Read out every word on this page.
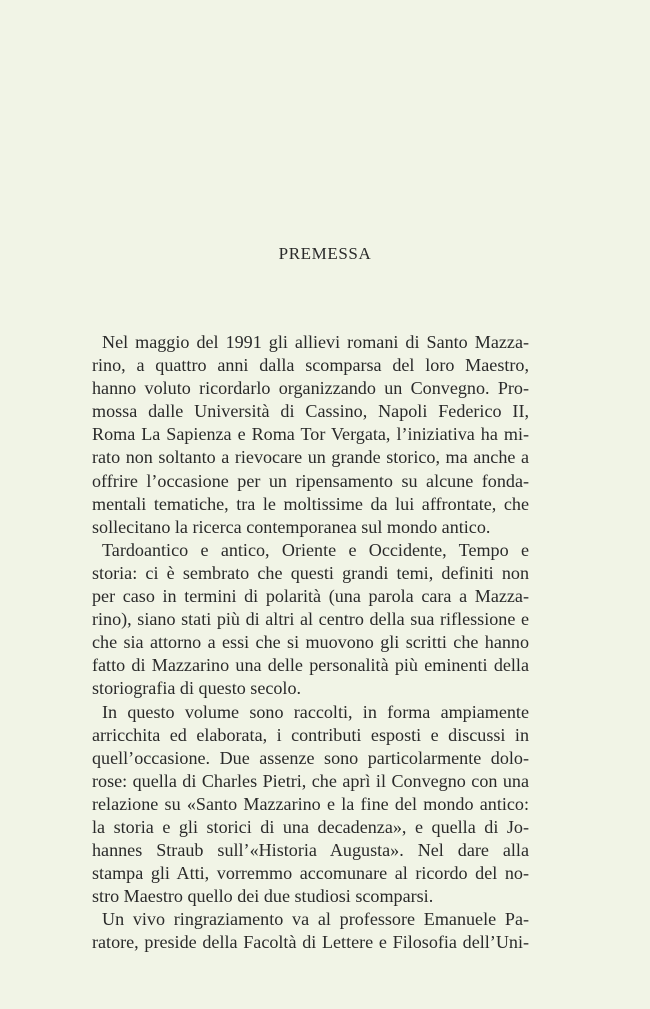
PREMESSA
Nel maggio del 1991 gli allievi romani di Santo Mazza-
rino, a quattro anni dalla scomparsa del loro Maestro,
hanno voluto ricordarlo organizzando un Convegno. Pro-
mossa dalle Università di Cassino, Napoli Federico II,
Roma La Sapienza e Roma Tor Vergata, l’iniziativa ha mi-
rato non soltanto a rievocare un grande storico, ma anche a
offrire l’occasione per un ripensamento su alcune fonda-
mentali tematiche, tra le moltissime da lui affrontate, che
sollecitano la ricerca contemporanea sul mondo antico.
Tardoantico e antico, Oriente e Occidente, Tempo e
storia: ci è sembrato che questi grandi temi, definiti non
per caso in termini di polarità (una parola cara a Mazza-
rino), siano stati più di altri al centro della sua riflessione e
che sia attorno a essi che si muovono gli scritti che hanno
fatto di Mazzarino una delle personalità più eminenti della
storiografia di questo secolo.
In questo volume sono raccolti, in forma ampiamente
arricchita ed elaborata, i contributi esposti e discussi in
quell’occasione. Due assenze sono particolarmente dolo-
rose: quella di Charles Pietri, che aprì il Convegno con una
relazione su «Santo Mazzarino e la fine del mondo antico:
la storia e gli storici di una decadenza», e quella di Jo-
hannes Straub sull’«Historia Augusta». Nel dare alla
stampa gli Atti, vorremmo accomunare al ricordo del no-
stro Maestro quello dei due studiosi scomparsi.
Un vivo ringraziamento va al professore Emanuele Pa-
ratore, preside della Facoltà di Lettere e Filosofia dell’Uni-
